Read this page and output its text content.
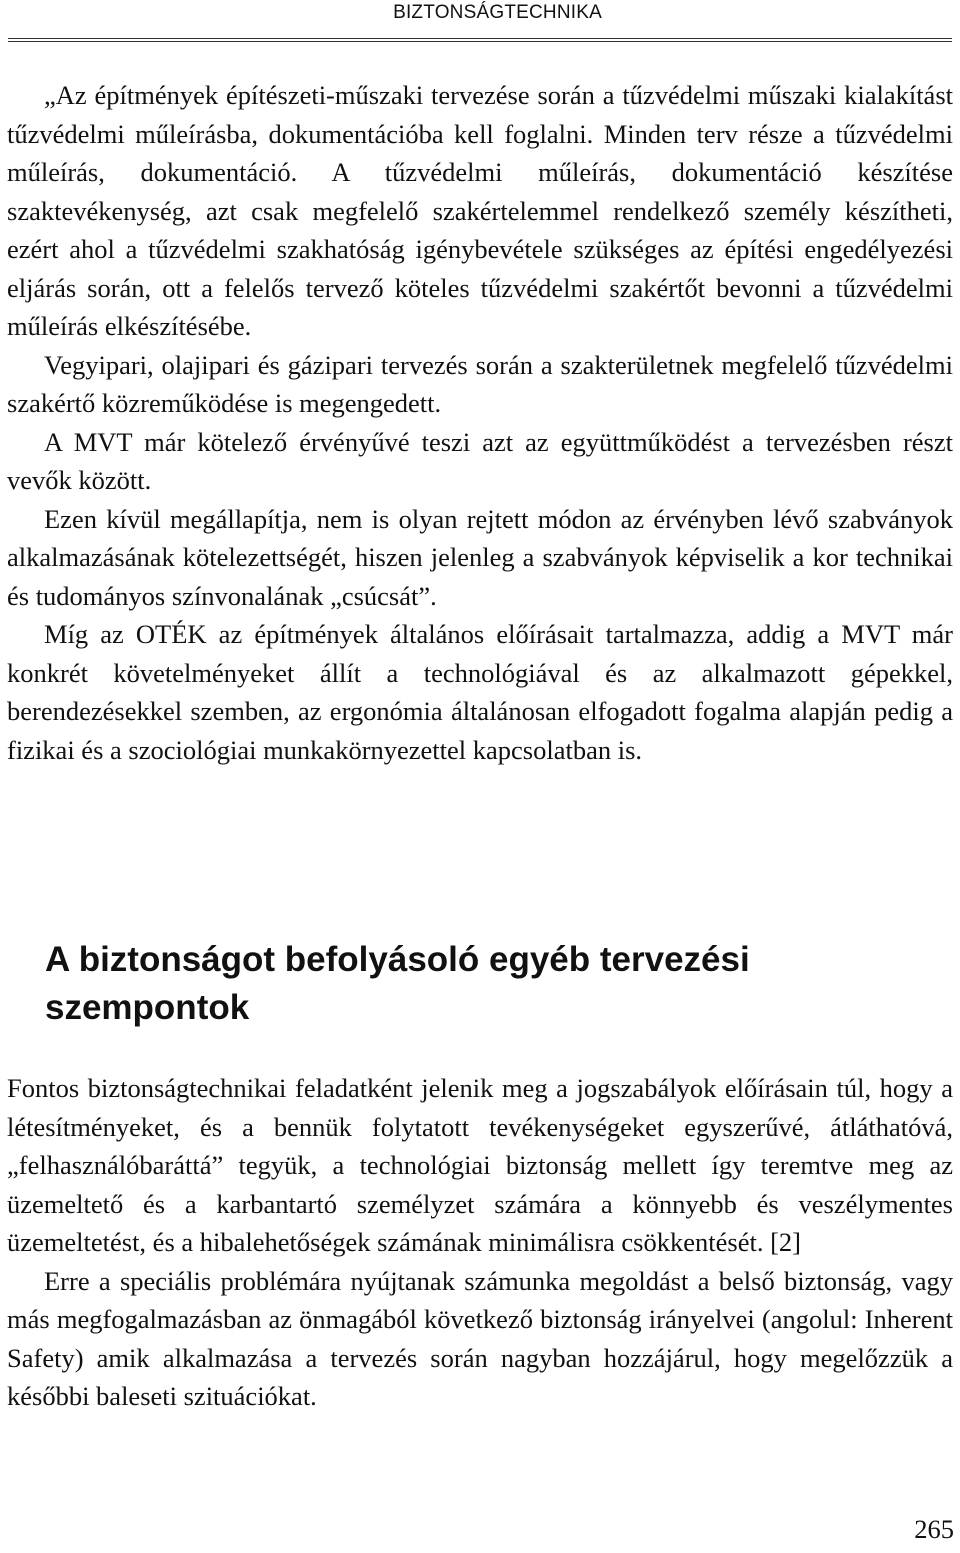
BIZTONSÁGTECHNIKA

„Az építmények építészeti-műszaki tervezése során a tűzvédelmi műszaki kialakítást tűzvédelmi műleírásba, dokumentációba kell foglalni. Minden terv része a tűzvédelmi műleírás, dokumentáció. A tűzvédelmi műleírás, dokumentáció készítése szaktevékenység, azt csak megfelelő szakértelemmel rendelkező személy készítheti, ezért ahol a tűzvédelmi szakhatóság igénybevétele szükséges az építési engedélyezési eljárás során, ott a felelős tervező köteles tűzvédelmi szakértőt bevonni a tűzvédelmi műleírás elkészítésébe.

Vegyipari, olajipari és gázipari tervezés során a szakterületnek megfelelő tűzvédelmi szakértő közreműködése is megengedett.

A MVT már kötelező érvényűvé teszi azt az együttműködést a tervezésben részt vevők között.

Ezen kívül megállapítja, nem is olyan rejtett módon az érvényben lévő szabványok alkalmazásának kötelezettségét, hiszen jelenleg a szabványok képviselik a kor technikai és tudományos színvonalának „csúcsát”.

Míg az OTÉK az építmények általános előírásait tartalmazza, addig a MVT már konkrét követelményeket állít a technológiával és az alkalmazott gépekkel, berendezésekkel szemben, az ergonómia általánosan elfogadott fogalma alapján pedig a fizikai és a szociológiai munkakörnyezettel kapcsolatban is.

A biztonságot befolyásoló egyéb tervezési szempontok

Fontos biztonságtechnikai feladatként jelenik meg a jogszabályok előírásain túl, hogy a létesítményeket, és a bennük folytatott tevékenységeket egyszerűvé, átláthatóvá, „felhasználóbaráttá” tegyük, a technológiai biztonság mellett így teremtve meg az üzemeltető és a karbantartó személyzet számára a könnyebb és veszélymentes üzemeltetést, és a hibalehetőségek számának minimálisra csökkentését. [2]

Erre a speciális problémára nyújtanak számunka megoldást a belső biztonság, vagy más megfogalmazásban az önmagából következő biztonság irányelvei (angolul: Inherent Safety) amik alkalmazása a tervezés során nagyban hozzájárul, hogy megelőzzük a későbbi baleseti szituációkat.

265
